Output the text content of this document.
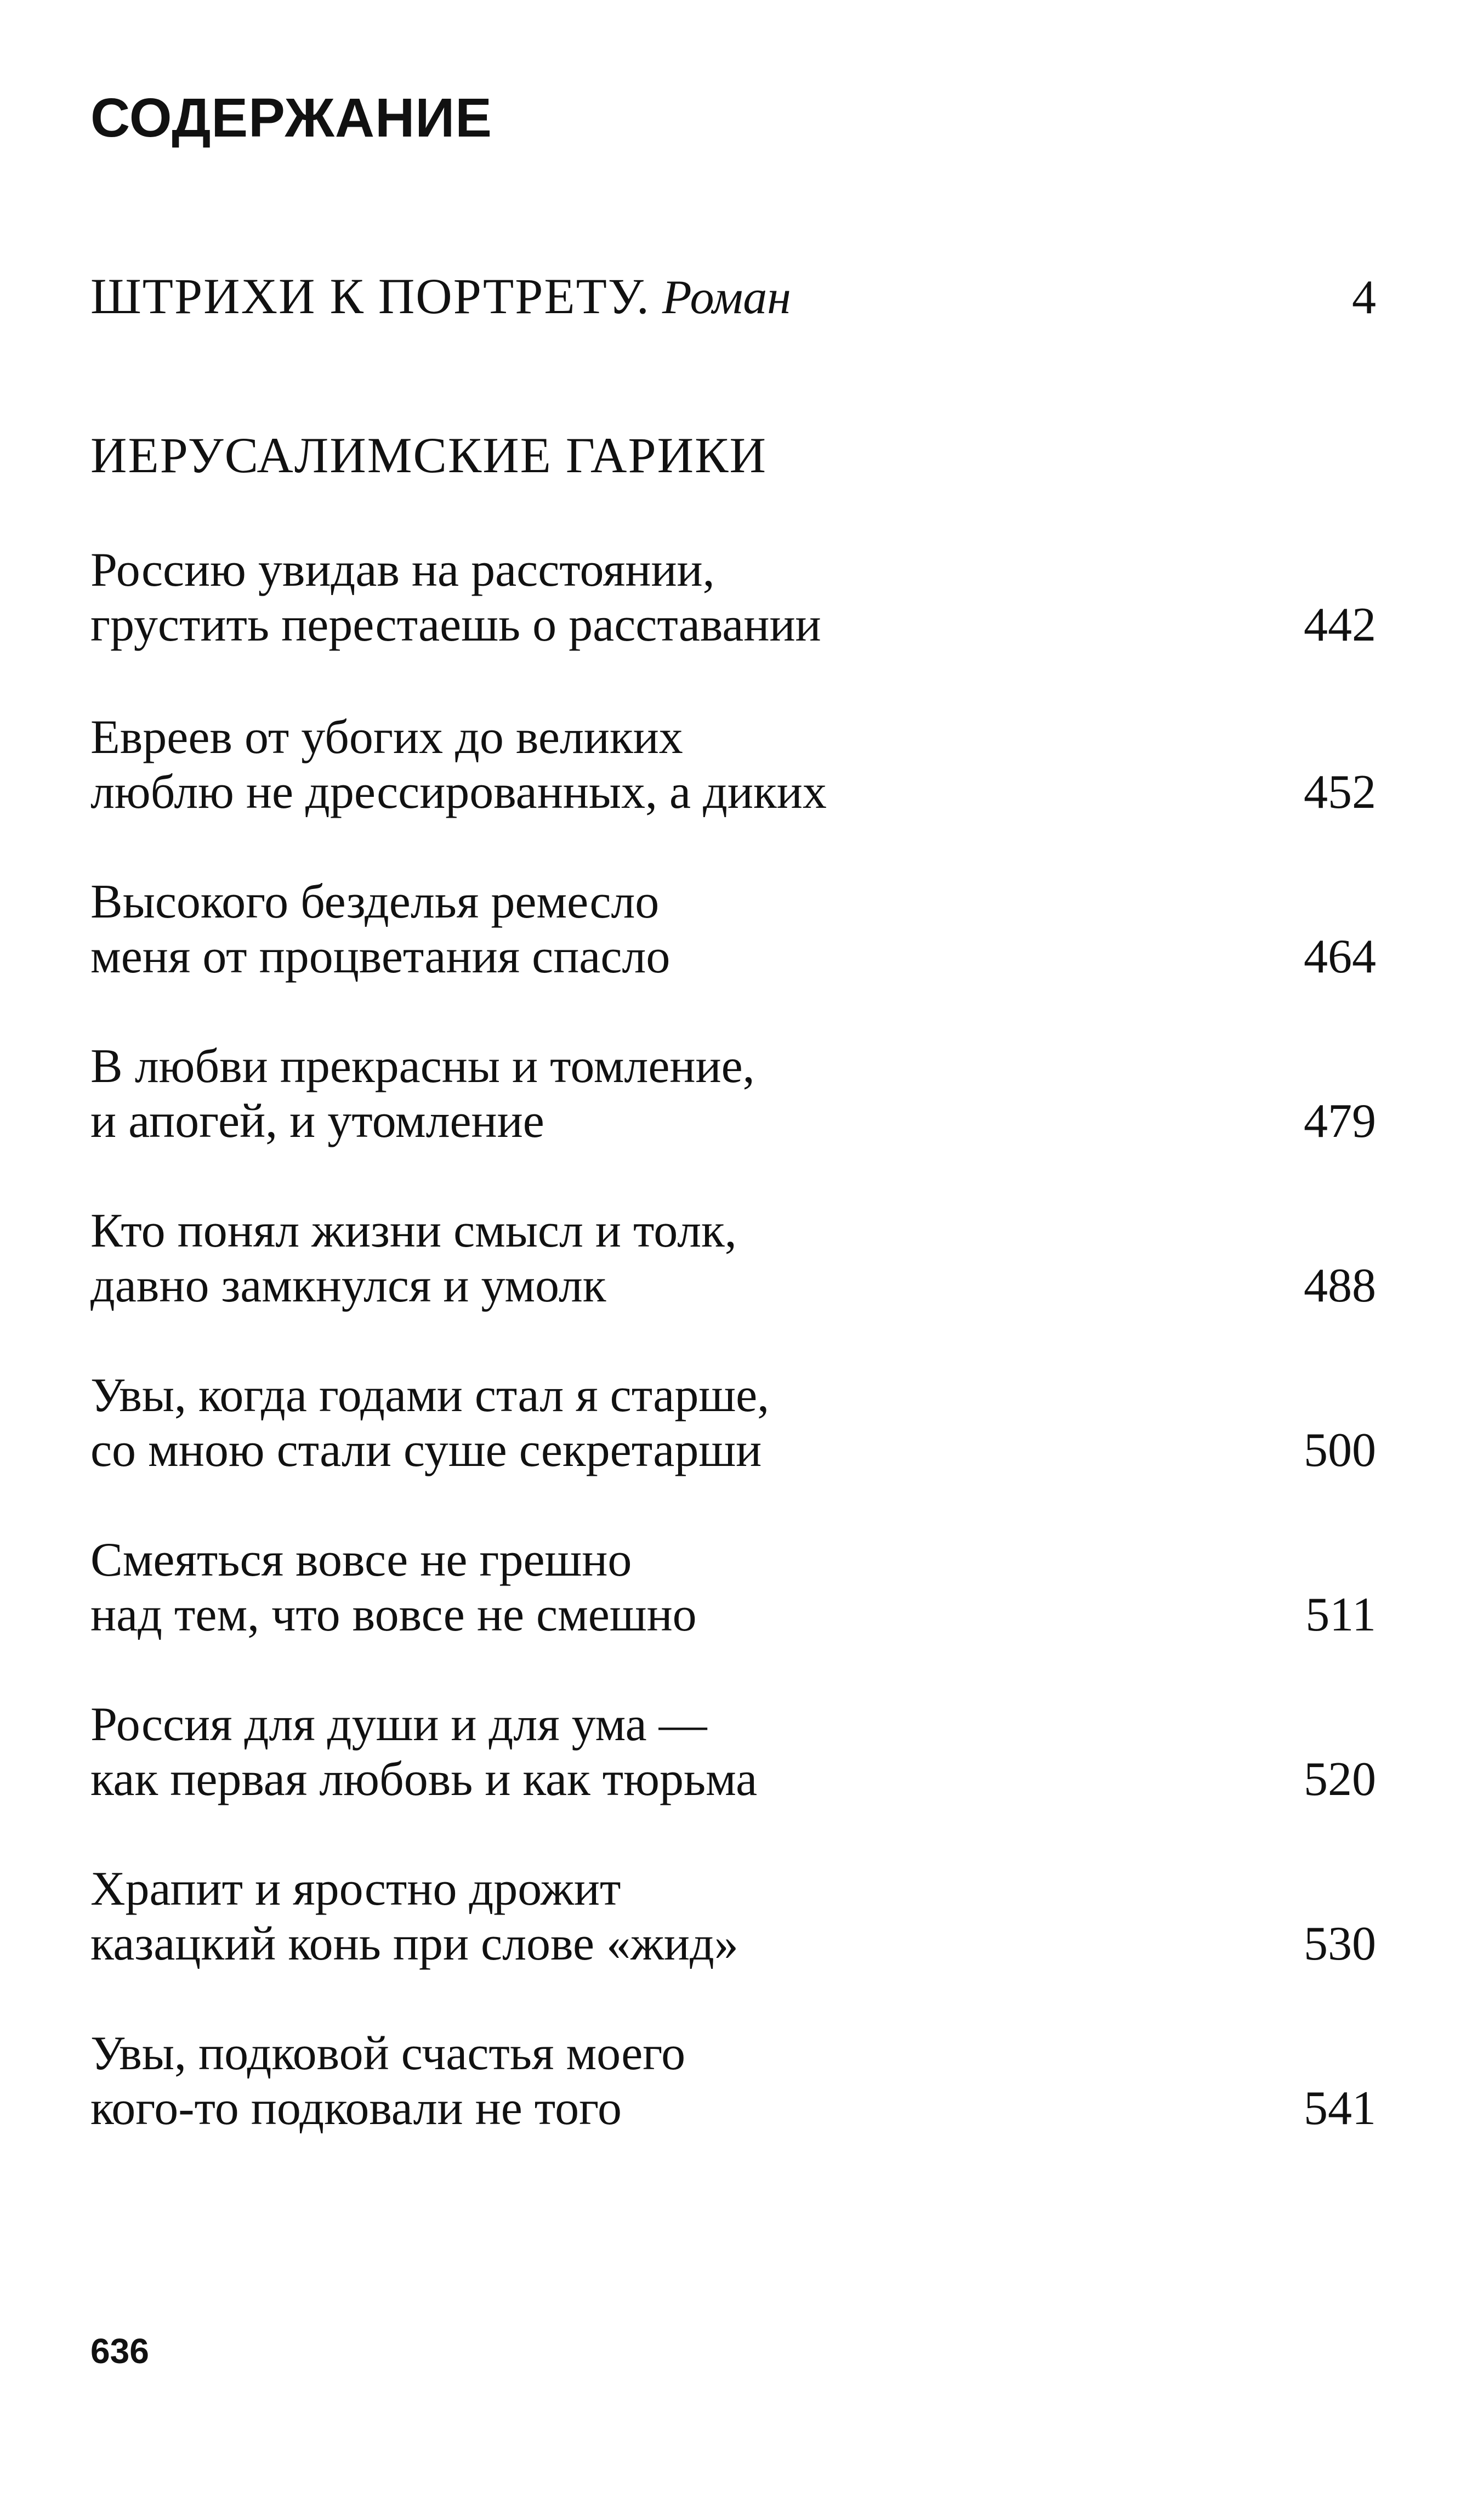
СОДЕРЖАНИЕ
ШТРИХИ К ПОРТРЕТУ. Роман	4
ИЕРУСАЛИМСКИЕ ГАРИКИ
Россию увидав на расстоянии,
грустить перестаешь о расставании	442
Евреев от убогих до великих
люблю не дрессированных, а диких	452
Высокого безделья ремесло
меня от процветания спасло	464
В любви прекрасны и томление,
и апогей, и утомление	479
Кто понял жизни смысл и толк,
давно замкнулся и умолк	488
Увы, когда годами стал я старше,
со мною стали суше секретарши	500
Смеяться вовсе не грешно
над тем, что вовсе не смешно	511
Россия для души и для ума —
как первая любовь и как тюрьма	520
Храпит и яростно дрожит
казацкий конь при слове «жид»	530
Увы, подковой счастья моего
кого-то подковали не того	541
636
